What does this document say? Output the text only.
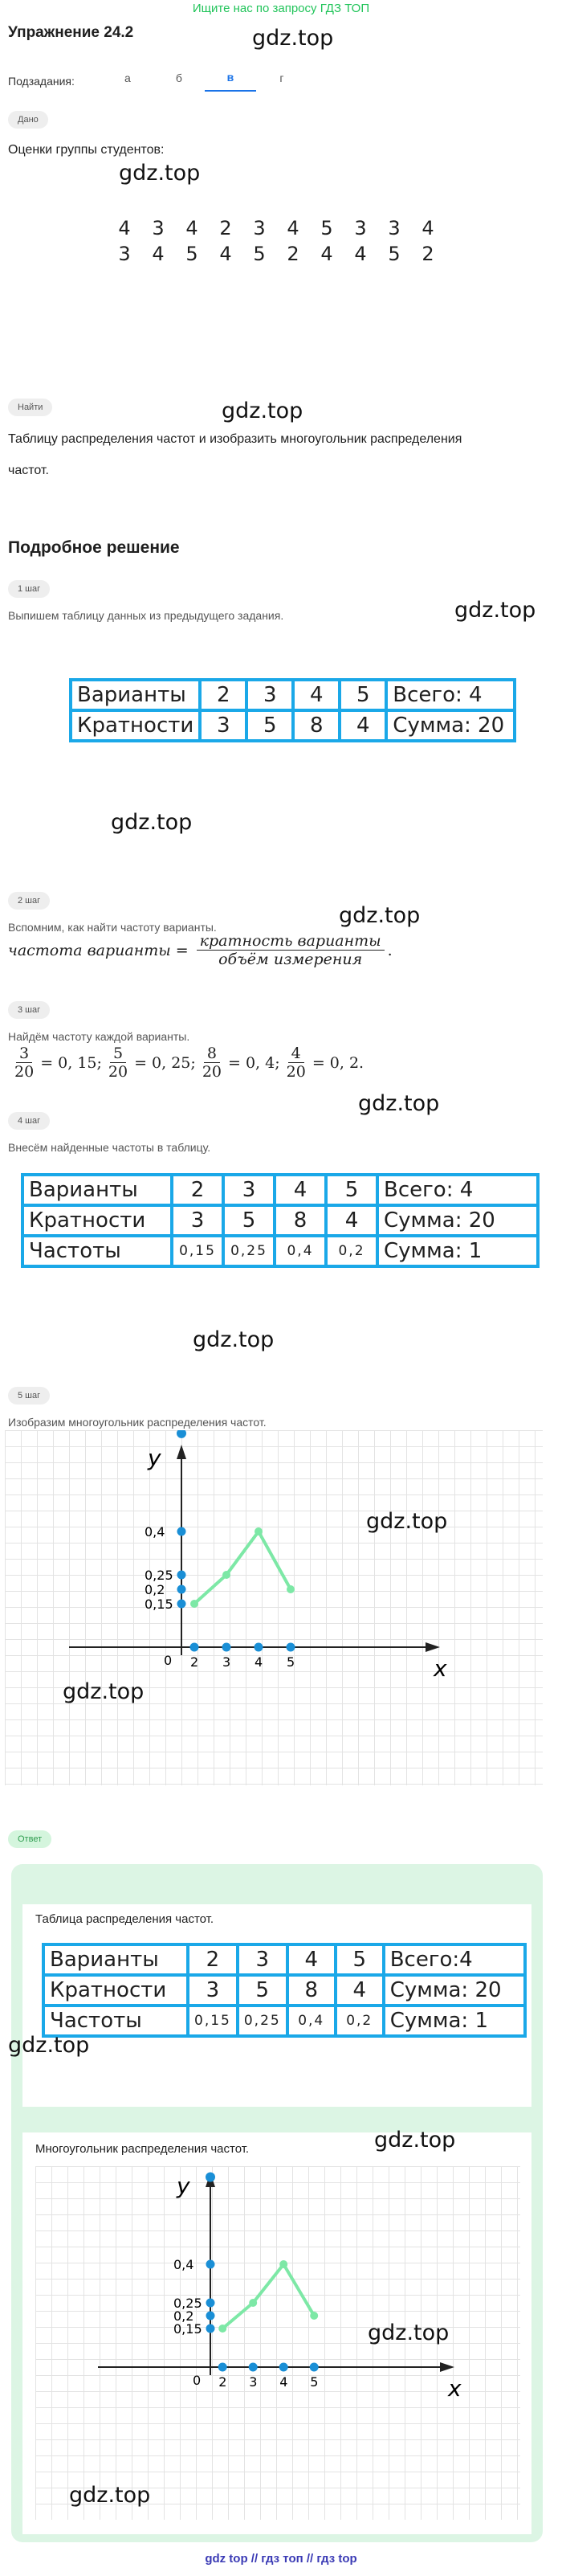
Ищите нас по запросу ГДЗ ТОП
Упражнение 24.2	gdz.top
Подзадания:	а	б	в	г
Дано
Оценки группы студентов:
gdz.top
4	3	4	2	3	4	5	3	3	4
3	4	5	4	5	2	4	4	5	2
Найти	gdz.top
Таблицу распределения частот и изобразить многоугольник распределения
частот.
Подробное решение
1 шаг
gdz.top
Выпишем таблицу данных из предыдущего задания.
Варианты	2	3	4	5	Всего: 4
Кратности	3	5	8	4	Сумма: 20
gdz.top
2 шаг
gdz.top
Вспомним, как найти частоту варианты.
частота варианты = $\frac{\text{кратность варианты}}{\text{объём измерения}}$ .
3 шаг
Найдём частоту каждой варианты.
$\frac{3}{20} = 0$, 15; $\frac{5}{20} = 0$, 25; $\frac{8}{20} = 0$, 4; $\frac{4}{20} = 0$, 2.
gdz.top
4 шаг
Внесём найденные частоты в таблицу.
Варианты	2	3	4	5	Всего: 4
Кратности	3	5	8	4	Сумма: 20
Частоты	0,15	0,25	0,4	0,2	Сумма: 1
gdz.top
5 шаг
Изобразим многоугольник распределения частот.
x
y
0
0,15
0,2
0,25
0,4
2 3 4 5
gdz.top
gdz.top
Ответ
Таблица распределения частот.
Варианты	2	3	4	5	Всего:4
Кратности	3	5	8	4	Сумма: 20
Частоты	0,15	0,25	0,4	0,2	Сумма: 1
gdz.top
Многоугольник распределения частот.
x
y
0
0,15
0,2
0,25
0,4
2 3 4 5
gdz.top
gdz.top
gdz.top
gdz top // гдз топ // гдз top
